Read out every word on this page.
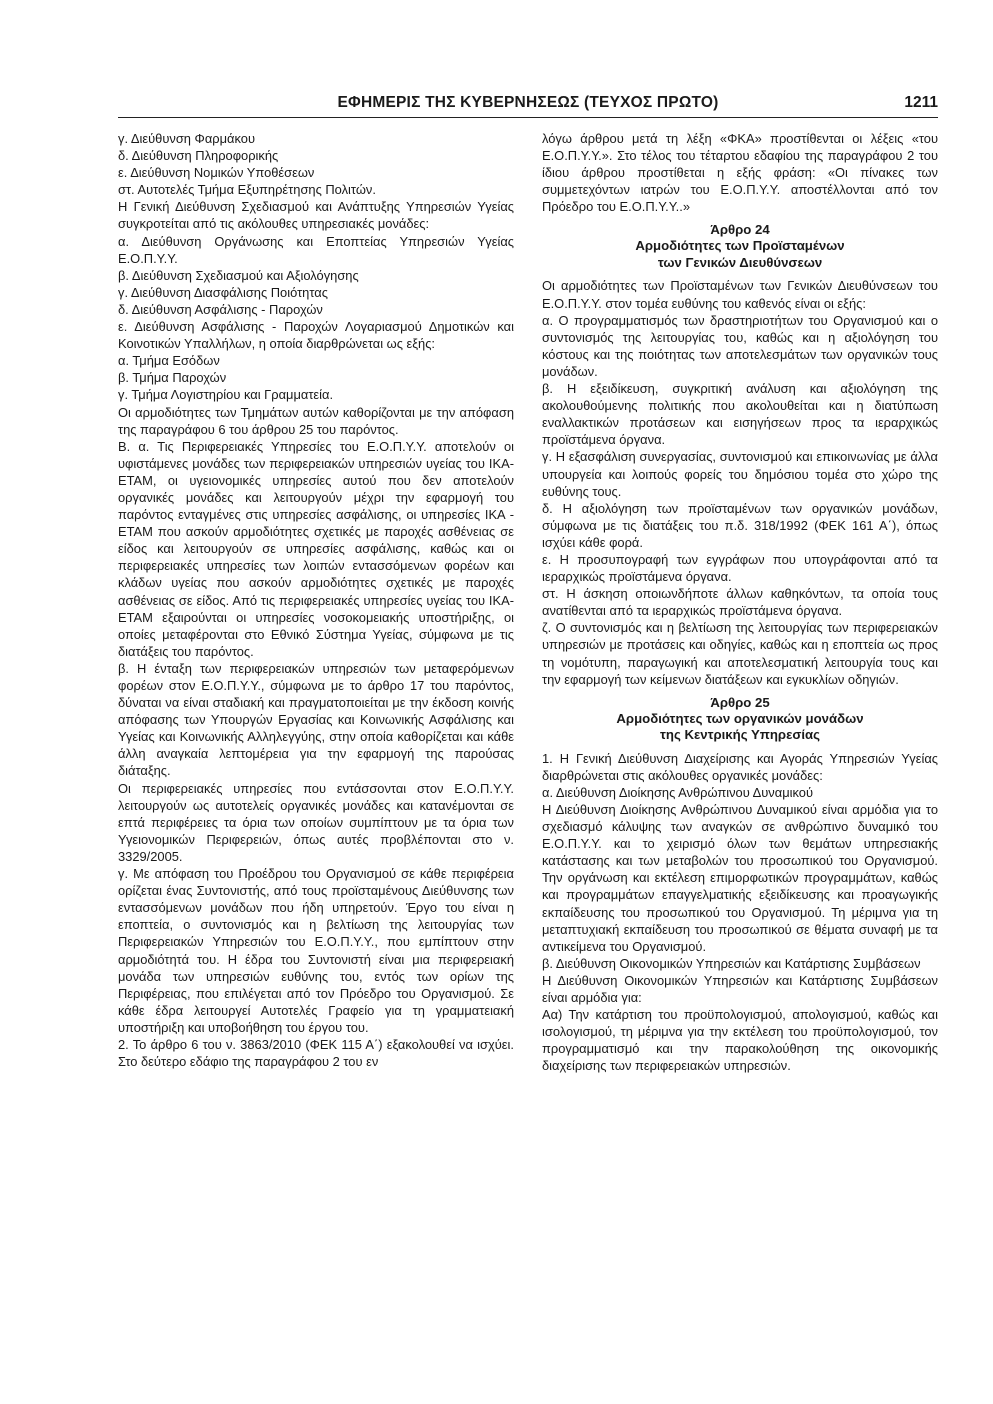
ΕΦΗΜΕΡΙΣ ΤΗΣ ΚΥΒΕΡΝΗΣΕΩΣ (ΤΕΥΧΟΣ ΠΡΩΤΟ)	1211

γ. Διεύθυνση Φαρμάκου

δ. Διεύθυνση Πληροφορικής

ε. Διεύθυνση Νομικών Υποθέσεων

στ. Αυτοτελές Τμήμα Εξυπηρέτησης Πολιτών.

Η Γενική Διεύθυνση Σχεδιασμού και Ανάπτυξης Υπηρεσιών Υγείας συγκροτείται από τις ακόλουθες υπηρεσιακές μονάδες:

α. Διεύθυνση Οργάνωσης και Εποπτείας Υπηρεσιών Υγείας Ε.Ο.Π.Υ.Υ.

β. Διεύθυνση Σχεδιασμού και Αξιολόγησης

γ. Διεύθυνση Διασφάλισης Ποιότητας

δ. Διεύθυνση Ασφάλισης - Παροχών

ε. Διεύθυνση Ασφάλισης - Παροχών Λογαριασμού Δημοτικών και Κοινοτικών Υπαλλήλων, η οποία διαρθρώνεται ως εξής:

α. Τμήμα Εσόδων

β. Τμήμα Παροχών

γ. Τμήμα Λογιστηρίου και Γραμματεία.

Οι αρμοδιότητες των Τμημάτων αυτών καθορίζονται με την απόφαση της παραγράφου 6 του άρθρου 25 του παρόντος.

Β. α. Τις Περιφερειακές Υπηρεσίες του Ε.Ο.Π.Υ.Υ. αποτελούν οι υφιστάμενες μονάδες των περιφερειακών υπηρεσιών υγείας του ΙΚΑ-ΕΤΑΜ, οι υγειονομικές υπηρεσίες αυτού που δεν αποτελούν οργανικές μονάδες και λειτουργούν μέχρι την εφαρμογή του παρόντος ενταγμένες στις υπηρεσίες ασφάλισης, οι υπηρεσίες ΙΚΑ - ΕΤΑΜ που ασκούν αρμοδιότητες σχετικές με παροχές ασθένειας σε είδος και λειτουργούν σε υπηρεσίες ασφάλισης, καθώς και οι περιφερειακές υπηρεσίες των λοιπών εντασσόμενων φορέων και κλάδων υγείας που ασκούν αρμοδιότητες σχετικές με παροχές ασθένειας σε είδος. Από τις περιφερειακές υπηρεσίες υγείας του ΙΚΑ-ΕΤΑΜ εξαιρούνται οι υπηρεσίες νοσοκομειακής υποστήριξης, οι οποίες μεταφέρονται στο Εθνικό Σύστημα Υγείας, σύμφωνα με τις διατάξεις του παρόντος.

β. Η ένταξη των περιφερειακών υπηρεσιών των μεταφερόμενων φορέων στον Ε.Ο.Π.Υ.Υ., σύμφωνα με το άρθρο 17 του παρόντος, δύναται να είναι σταδιακή και πραγματοποιείται με την έκδοση κοινής απόφασης των Υπουργών Εργασίας και Κοινωνικής Ασφάλισης και Υγείας και Κοινωνικής Αλληλεγγύης, στην οποία καθορίζεται και κάθε άλλη αναγκαία λεπτομέρεια για την εφαρμογή της παρούσας διάταξης.

Οι περιφερειακές υπηρεσίες που εντάσσονται στον Ε.Ο.Π.Υ.Υ. λειτουργούν ως αυτοτελείς οργανικές μονάδες και κατανέμονται σε επτά περιφέρειες τα όρια των οποίων συμπίπτουν με τα όρια των Υγειονομικών Περιφερειών, όπως αυτές προβλέπονται στο ν. 3329/2005.

γ. Με απόφαση του Προέδρου του Οργανισμού σε κάθε περιφέρεια ορίζεται ένας Συντονιστής, από τους προϊσταμένους Διεύθυνσης των εντασσόμενων μονάδων που ήδη υπηρετούν. Έργο του είναι η εποπτεία, ο συντονισμός και η βελτίωση της λειτουργίας των Περιφερειακών Υπηρεσιών του Ε.Ο.Π.Υ.Υ., που εμπίπτουν στην αρμοδιότητά του. Η έδρα του Συντονιστή είναι μια περιφερειακή μονάδα των υπηρεσιών ευθύνης του, εντός των ορίων της Περιφέρειας, που επιλέγεται από τον Πρόεδρο του Οργανισμού. Σε κάθε έδρα λειτουργεί Αυτοτελές Γραφείο για τη γραμματειακή υποστήριξη και υποβοήθηση του έργου του.

2. Το άρθρο 6 του ν. 3863/2010 (ΦΕΚ 115 Α΄) εξακολουθεί να ισχύει. Στο δεύτερο εδάφιο της παραγράφου 2 του εν

λόγω άρθρου μετά τη λέξη «ΦΚΑ» προστίθενται οι λέξεις «του Ε.Ο.Π.Υ.Υ.». Στο τέλος του τέταρτου εδαφίου της παραγράφου 2 του ίδιου άρθρου προστίθεται η εξής φράση: «Οι πίνακες των συμμετεχόντων ιατρών του Ε.Ο.Π.Υ.Υ. αποστέλλονται από τον Πρόεδρο του Ε.Ο.Π.Υ.Υ..»

Άρθρο 24
Αρμοδιότητες των Προϊσταμένων
των Γενικών Διευθύνσεων

Οι αρμοδιότητες των Προϊσταμένων των Γενικών Διευθύνσεων του Ε.Ο.Π.Υ.Υ. στον τομέα ευθύνης του καθενός είναι οι εξής:

α. Ο προγραμματισμός των δραστηριοτήτων του Οργανισμού και ο συντονισμός της λειτουργίας του, καθώς και η αξιολόγηση του κόστους και της ποιότητας των αποτελεσμάτων των οργανικών τους μονάδων.

β. Η εξειδίκευση, συγκριτική ανάλυση και αξιολόγηση της ακολουθούμενης πολιτικής που ακολουθείται και η διατύπωση εναλλακτικών προτάσεων και εισηγήσεων προς τα ιεραρχικώς προϊστάμενα όργανα.

γ. Η εξασφάλιση συνεργασίας, συντονισμού και επικοινωνίας με άλλα υπουργεία και λοιπούς φορείς του δημόσιου τομέα στο χώρο της ευθύνης τους.

δ. Η αξιολόγηση των προϊσταμένων των οργανικών μονάδων, σύμφωνα με τις διατάξεις του π.δ. 318/1992 (ΦΕΚ 161 Α΄), όπως ισχύει κάθε φορά.

ε. Η προσυπογραφή των εγγράφων που υπογράφονται από τα ιεραρχικώς προϊστάμενα όργανα.

στ. Η άσκηση οποιωνδήποτε άλλων καθηκόντων, τα οποία τους ανατίθενται από τα ιεραρχικώς προϊστάμενα όργανα.

ζ. Ο συντονισμός και η βελτίωση της λειτουργίας των περιφερειακών υπηρεσιών με προτάσεις και οδηγίες, καθώς και η εποπτεία ως προς τη νομότυπη, παραγωγική και αποτελεσματική λειτουργία τους και την εφαρμογή των κείμενων διατάξεων και εγκυκλίων οδηγιών.

Άρθρο 25
Αρμοδιότητες των οργανικών μονάδων
της Κεντρικής Υπηρεσίας

1. Η Γενική Διεύθυνση Διαχείρισης και Αγοράς Υπηρεσιών Υγείας διαρθρώνεται στις ακόλουθες οργανικές μονάδες:

α. Διεύθυνση Διοίκησης Ανθρώπινου Δυναμικού

Η Διεύθυνση Διοίκησης Ανθρώπινου Δυναμικού είναι αρμόδια για το σχεδιασμό κάλυψης των αναγκών σε ανθρώπινο δυναμικό του Ε.Ο.Π.Υ.Υ. και το χειρισμό όλων των θεμάτων υπηρεσιακής κατάστασης και των μεταβολών του προσωπικού του Οργανισμού. Την οργάνωση και εκτέλεση επιμορφωτικών προγραμμάτων, καθώς και προγραμμάτων επαγγελματικής εξειδίκευσης και προαγωγικής εκπαίδευσης του προσωπικού του Οργανισμού. Τη μέριμνα για τη μεταπτυχιακή εκπαίδευση του προσωπικού σε θέματα συναφή με τα αντικείμενα του Οργανισμού.

β. Διεύθυνση Οικονομικών Υπηρεσιών και Κατάρτισης Συμβάσεων

Η Διεύθυνση Οικονομικών Υπηρεσιών και Κατάρτισης Συμβάσεων είναι αρμόδια για:

Αα) Την κατάρτιση του προϋπολογισμού, απολογισμού, καθώς και ισολογισμού, τη μέριμνα για την εκτέλεση του προϋπολογισμού, τον προγραμματισμό και την παρακολούθηση της οικονομικής διαχείρισης των περιφερειακών υπηρεσιών.
